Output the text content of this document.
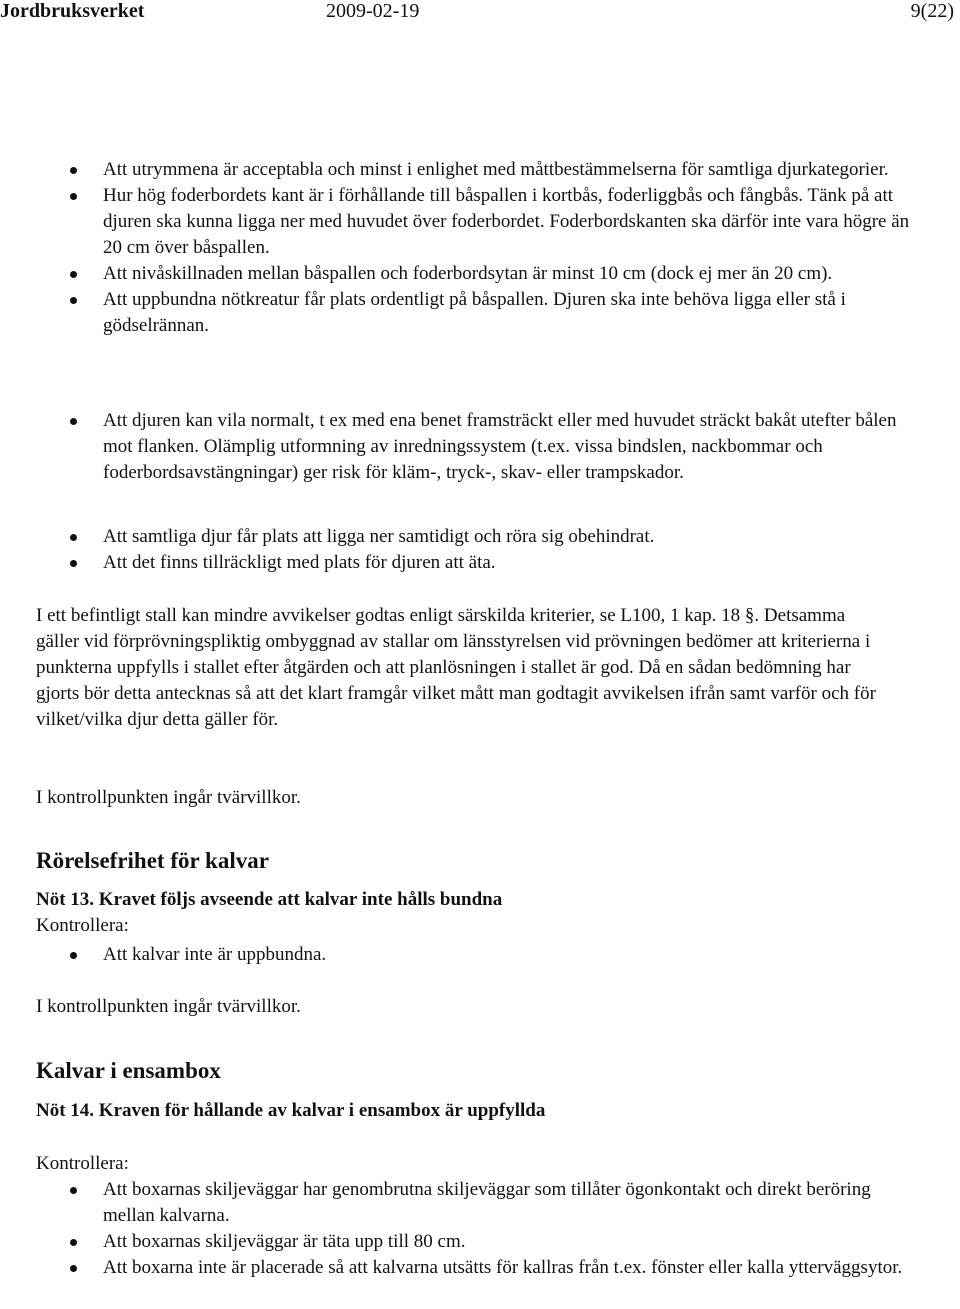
Jordbruksverket	2009-02-19	9(22)
Att utrymmena är acceptabla och minst i enlighet med måttbestämmelserna för samtliga djurkategorier.
Hur hög foderbordets kant är i förhållande till båspallen i kortbås, foderliggbås och fångbås. Tänk på att djuren ska kunna ligga ner med huvudet över foderbordet. Foderbordskanten ska därför inte vara högre än 20 cm över båspallen.
Att nivåskillnaden mellan båspallen och foderbordsytan är minst 10 cm (dock ej mer än 20 cm).
Att uppbundna nötkreatur får plats ordentligt på båspallen. Djuren ska inte behöva ligga eller stå i gödselrännan.
Att djuren kan vila normalt, t ex med ena benet framsträckt eller med huvudet sträckt bakåt utefter bålen mot flanken. Olämplig utformning av inredningssystem (t.ex. vissa bindslen, nackbommar och foderbordsavstängningar) ger risk för kläm-, tryck-, skav- eller trampskador.
Att samtliga djur får plats att ligga ner samtidigt och röra sig obehindrat.
Att det finns tillräckligt med plats för djuren att äta.

I ett befintligt stall kan mindre avvikelser godtas enligt särskilda kriterier, se L100, 1 kap. 18 §. Detsamma gäller vid förprövningspliktig ombyggnad av stallar om länsstyrelsen vid prövningen bedömer att kriterierna i punkterna uppfylls i stallet efter åtgärden och att planlösningen i stallet är god. Då en sådan bedömning har gjorts bör detta antecknas så att det klart framgår vilket mått man godtagit avvikelsen ifrån samt varför och för vilket/vilka djur detta gäller för.

I kontrollpunkten ingår tvärvillkor.

Rörelsefrihet för kalvar
Nöt 13. Kravet följs avseende att kalvar inte hålls bundna
Kontrollera:
Att kalvar inte är uppbundna.

I kontrollpunkten ingår tvärvillkor.

Kalvar i ensambox
Nöt 14. Kraven för hållande av kalvar i ensambox är uppfyllda
Kontrollera:
Att boxarnas skiljeväggar har genombrutna skiljeväggar som tillåter ögonkontakt och direkt beröring mellan kalvarna.
Att boxarnas skiljeväggar är täta upp till 80 cm.
Att boxarna inte är placerade så att kalvarna utsätts för kallras från t.ex. fönster eller kalla ytterväggsytor.
